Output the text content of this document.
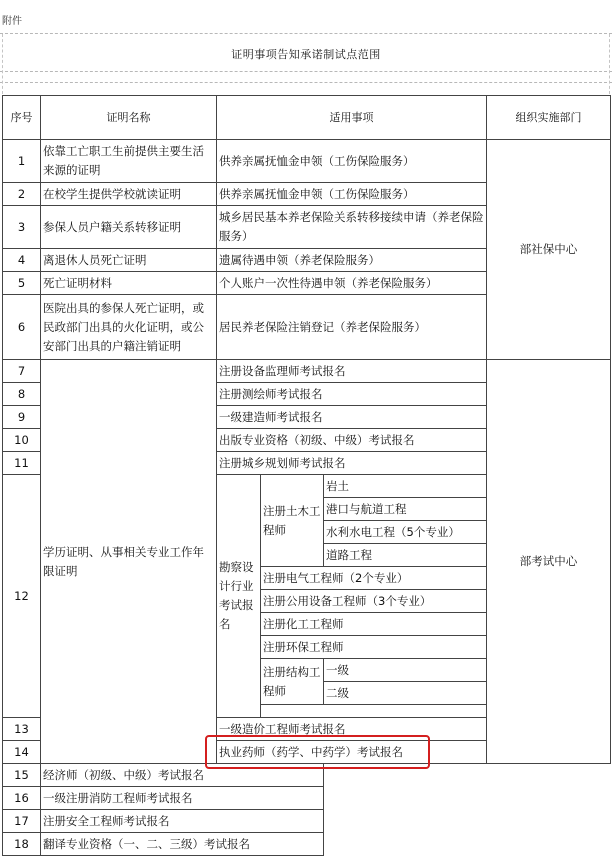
附件
证明事项告知承诺制试点范围
序号	证明名称	适用事项			组织实施部门
1	依靠工亡职工生前提供主要生活来源的证明	供养亲属抚恤金申领（工伤保险服务）			部社保中心
2	在校学生提供学校就读证明	供养亲属抚恤金申领（工伤保险服务）			
3	参保人员户籍关系转移证明	城乡居民基本养老保险关系转移接续申请（养老保险服务）			
4	离退休人员死亡证明	遗属待遇申领（养老保险服务）			
5	死亡证明材料	个人账户一次性待遇申领（养老保险服务）			
6	医院出具的参保人死亡证明，或民政部门出具的火化证明，或公安部门出具的户籍注销证明	居民养老保险注销登记（养老保险服务）			
7	学历证明、从事相关专业工作年限证明	注册设备监理师考试报名			部考试中心
8		注册测绘师考试报名			
9		一级建造师考试报名			
10		出版专业资格（初级、中级）考试报名			
11		注册城乡规划师考试报名			
12		勘察设计行业考试报名	注册土木工程师	岩土	
				港口与航道工程	
				水利水电工程（5个专业）	
				道路工程	
			注册电气工程师（2个专业）		
			注册公用设备工程师（3个专业）		
			注册化工工程师		
			注册环保工程师		
			注册结构工程师	一级	
				二级	

13		一级造价工程师考试报名			
14		执业药师（药学、中药学）考试报名			
15	经济师（初级、中级）考试报名				
16	一级注册消防工程师考试报名				
17	注册安全工程师考试报名				
18	翻译专业资格（一、二、三级）考试报名				
